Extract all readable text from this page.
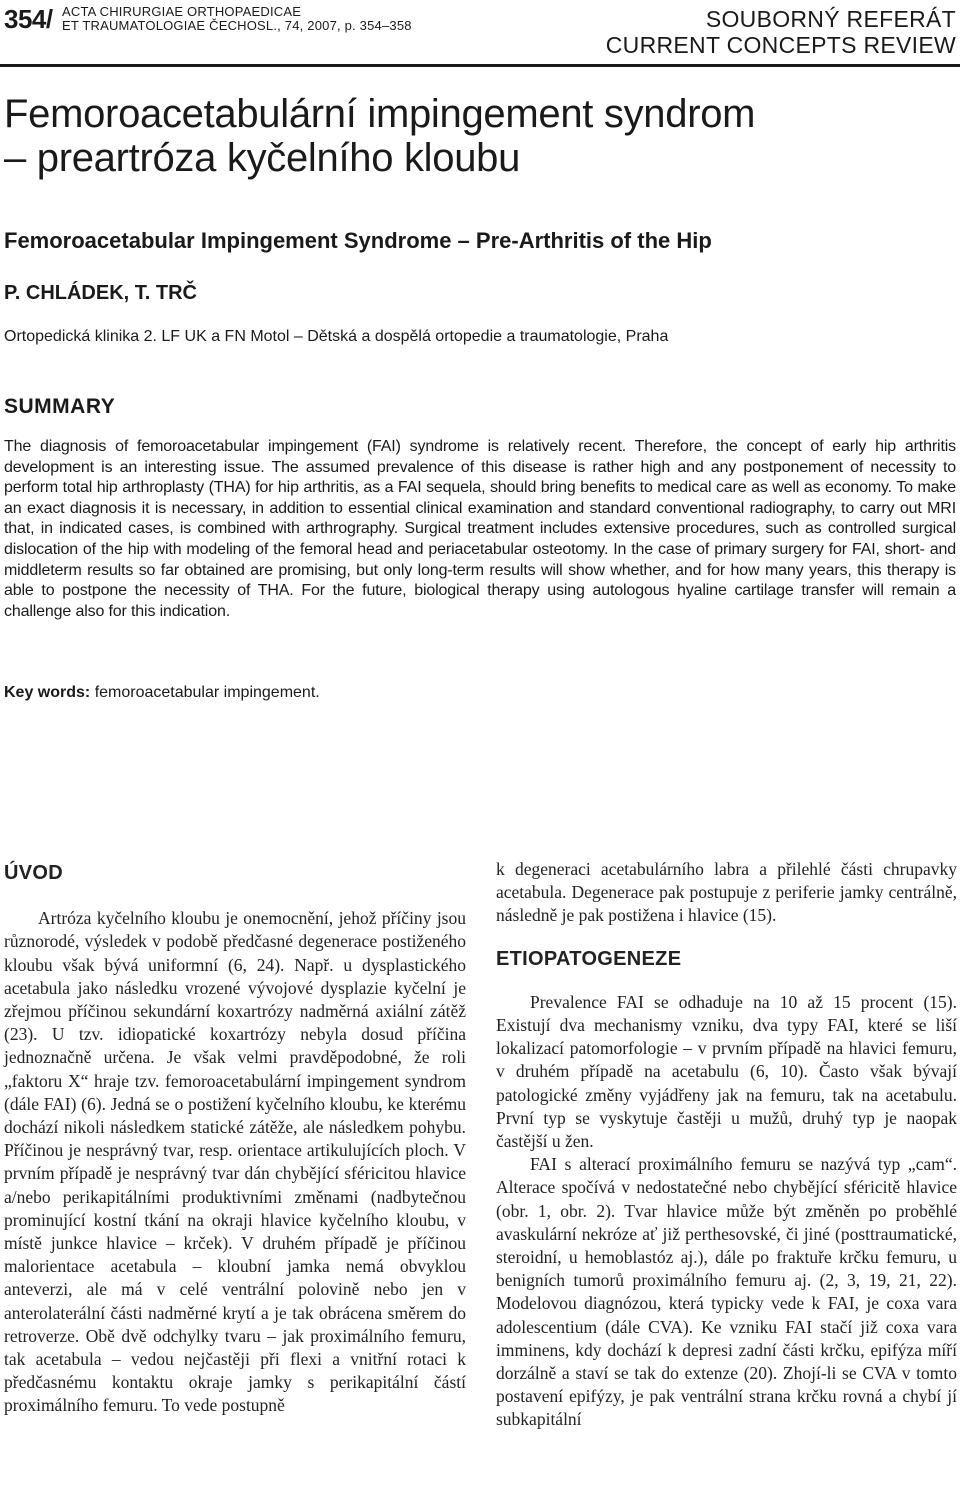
354/ ACTA CHIRURGIAE ORTHOPAEDICAE
ET TRAUMATOLOGIAE ČECHOSL., 74, 2007, p. 354–358	SOUBORNÝ REFERÁT
CURRENT CONCEPTS REVIEW
Femoroacetabulární impingement syndrom
– preartróza kyčelního kloubu
Femoroacetabular Impingement Syndrome – Pre-Arthritis of the Hip
P. CHLÁDEK, T. TRČ
Ortopedická klinika 2. LF UK a FN Motol – Dětská a dospělá ortopedie a traumatologie, Praha
SUMMARY
The diagnosis of femoroacetabular impingement (FAI) syndrome is relatively recent. Therefore, the concept of early hip arthritis development is an interesting issue. The assumed prevalence of this disease is rather high and any postponement of necessity to perform total hip arthroplasty (THA) for hip arthritis, as a FAI sequela, should bring benefits to medical care as well as economy. To make an exact diagnosis it is necessary, in addition to essential clinical examination and standard conventional radiography, to carry out MRI that, in indicated cases, is combined with arthrography. Surgical treatment includes extensive procedures, such as controlled surgical dislocation of the hip with modeling of the femoral head and periacetabular osteotomy. In the case of primary surgery for FAI, short- and middleterm results so far obtained are promising, but only long-term results will show whether, and for how many years, this therapy is able to postpone the necessity of THA. For the future, biological therapy using autologous hyaline cartilage transfer will remain a challenge also for this indication.
Key words: femoroacetabular impingement.
ÚVOD

Artróza kyčelního kloubu je onemocnění, jehož příčiny jsou různorodé, výsledek v podobě předčasné degenerace postiženého kloubu však bývá uniformní (6, 24). Např. u dysplastického acetabula jako následku vrozené vývojové dysplazie kyčelní je zřejmou příčinou sekundární koxartrózy nadměrná axiální zátěž (23). U tzv. idiopatické koxartrózy nebyla dosud příčina jednoznačně určena. Je však velmi pravděpodobné, že roli „faktoru X“ hraje tzv. femoroacetabulární impingement syndrom (dále FAI) (6). Jedná se o postižení kyčelního kloubu, ke kterému dochází nikoli následkem statické zátěže, ale následkem pohybu. Příčinou je nesprávný tvar, resp. orientace artikulujících ploch. V prvním případě je nesprávný tvar dán chybějící sféricitou hlavice a/nebo perikapitálními produktivními změnami (nadbytečnou prominující kostní tkání na okraji hlavice kyčelního kloubu, v místě junkce hlavice – krček). V druhém případě je příčinou malorientace acetabula – kloubní jamka nemá obvyklou anteverzi, ale má v celé ventrální polovině nebo jen v anterolaterální části nadměrné krytí a je tak obrácena směrem do retroverze. Obě dvě odchylky tvaru – jak proximálního femuru, tak acetabula – vedou nejčastěji při flexi a vnitřní rotaci k předčasnému kontaktu okraje jamky s perikapitální částí proximálního femuru. To vede postupně

k degeneraci acetabulárního labra a přilehlé části chrupavky acetabula. Degenerace pak postupuje z periferie jamky centrálně, následně je pak postižena i hlavice (15).

ETIOPATOGENEZE

Prevalence FAI se odhaduje na 10 až 15 procent (15). Existují dva mechanismy vzniku, dva typy FAI, které se liší lokalizací patomorfologie – v prvním případě na hlavici femuru, v druhém případě na acetabulu (6, 10). Často však bývají patologické změny vyjádřeny jak na femuru, tak na acetabulu. První typ se vyskytuje častěji u mužů, druhý typ je naopak častější u žen.

FAI s alterací proximálního femuru se nazývá typ „cam“. Alterace spočívá v nedostatečné nebo chybějící sféricitě hlavice (obr. 1, obr. 2). Tvar hlavice může být změněn po proběhlé avaskulární nekróze ať již perthesovské, či jiné (posttraumatické, steroidní, u hemoblastóz aj.), dále po fraktuře krčku femuru, u benigních tumorů proximálního femuru aj. (2, 3, 19, 21, 22). Modelovou diagnózou, která typicky vede k FAI, je coxa vara adolescentium (dále CVA). Ke vzniku FAI stačí již coxa vara imminens, kdy dochází k depresi zadní části krčku, epifýza míří dorzálně a staví se tak do extenze (20). Zhojí-li se CVA v tomto postavení epifýzy, je pak ventrální strana krčku rovná a chybí jí subkapitální
